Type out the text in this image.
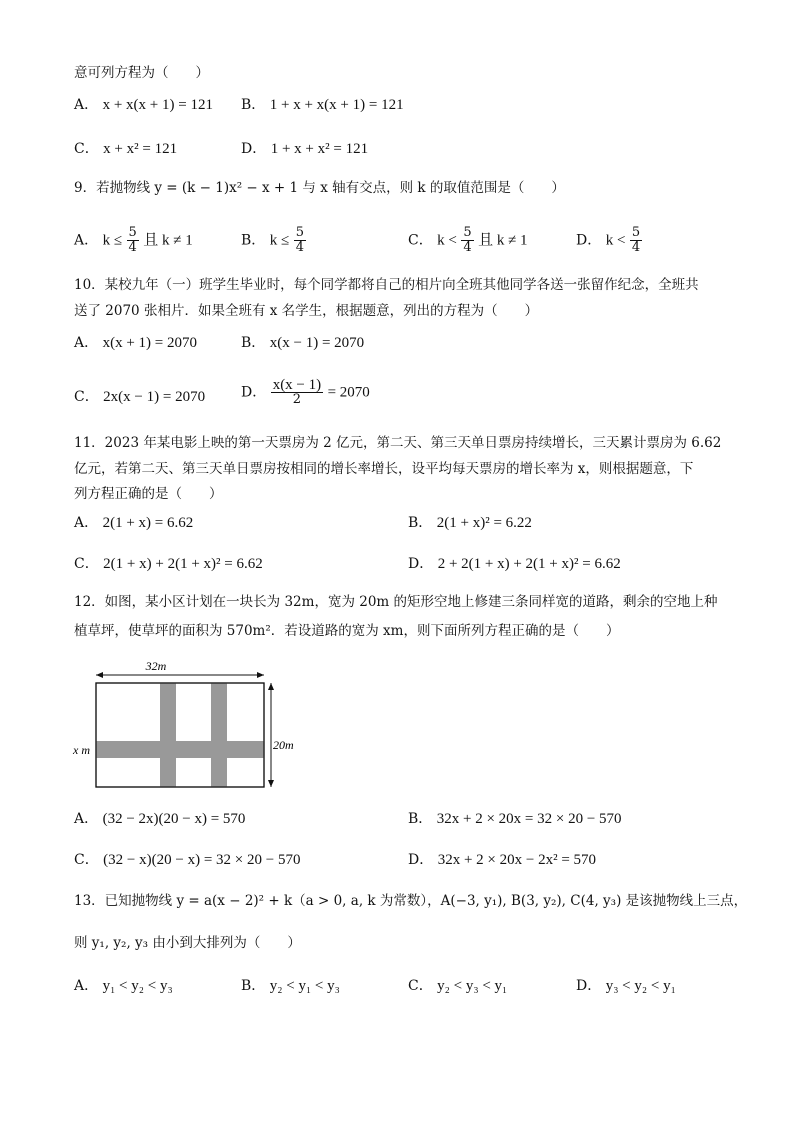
意可列方程为（　　）
A． x + x(x + 1) = 121 B． 1 + x + x(x + 1) = 121
C． x + x² = 121	D． 1 + x + x² = 121
9．若抛物线 y = (k − 1)x² − x + 1 与 x 轴有交点，则 k 的取值范围是（　　）
A． $k \le \frac{5}{4}$ 且 k ≠ 1	B． $k \le \frac{5}{4}$	C． $k < \frac{5}{4}$ 且 k ≠ 1	D． $k < \frac{5}{4}$
10．某校九年（一）班学生毕业时，每个同学都将自己的相片向全班其他同学各送一张留作纪念，全班共
送了 2070 张相片．如果全班有 x 名学生，根据题意，列出的方程为（　　）
A． x(x + 1) = 2070	B． x(x − 1) = 2070
C． 2x(x − 1) = 2070	D． $\frac{x(x - 1)}{2} = 2070$
11．2023 年某电影上映的第一天票房为 2 亿元，第二天、第三天单日票房持续增长，三天累计票房为 6.62
亿元，若第二天、第三天单日票房按相同的增长率增长，设平均每天票房的增长率为 x，则根据题意，下
列方程正确的是（　　）
A． 2(1 + x) = 6.62	B． 2(1 + x)² = 6.22
C． 2(1 + x) + 2(1 + x)² = 6.62	D． 2 + 2(1 + x) + 2(1 + x)² = 6.62
12．如图，某小区计划在一块长为 32m，宽为 20m 的矩形空地上修建三条同样宽的道路，剩余的空地上种
植草坪，使草坪的面积为 570m²．若设道路的宽为 xm，则下面所列方程正确的是（　　）
32m
20m
x m
A． (32 − 2x)(20 − x) = 570	B． 32x + 2 × 20x = 32 × 20 − 570
C． (32 − x)(20 − x) = 32 × 20 − 570	D． 32x + 2 × 20x − 2x² = 570
13．已知抛物线 y = a(x − 2)² + k（a > 0, a, k 为常数），A(−3, y₁), B(3, y₂), C(4, y₃) 是该抛物线上三点，
则 y₁, y₂, y₃ 由小到大排列为（　　）
A． y₁ < y₂ < y₃	B． y₂ < y₁ < y₃	C． y₂ < y₃ < y₁	D． y₃ < y₂ < y₁
